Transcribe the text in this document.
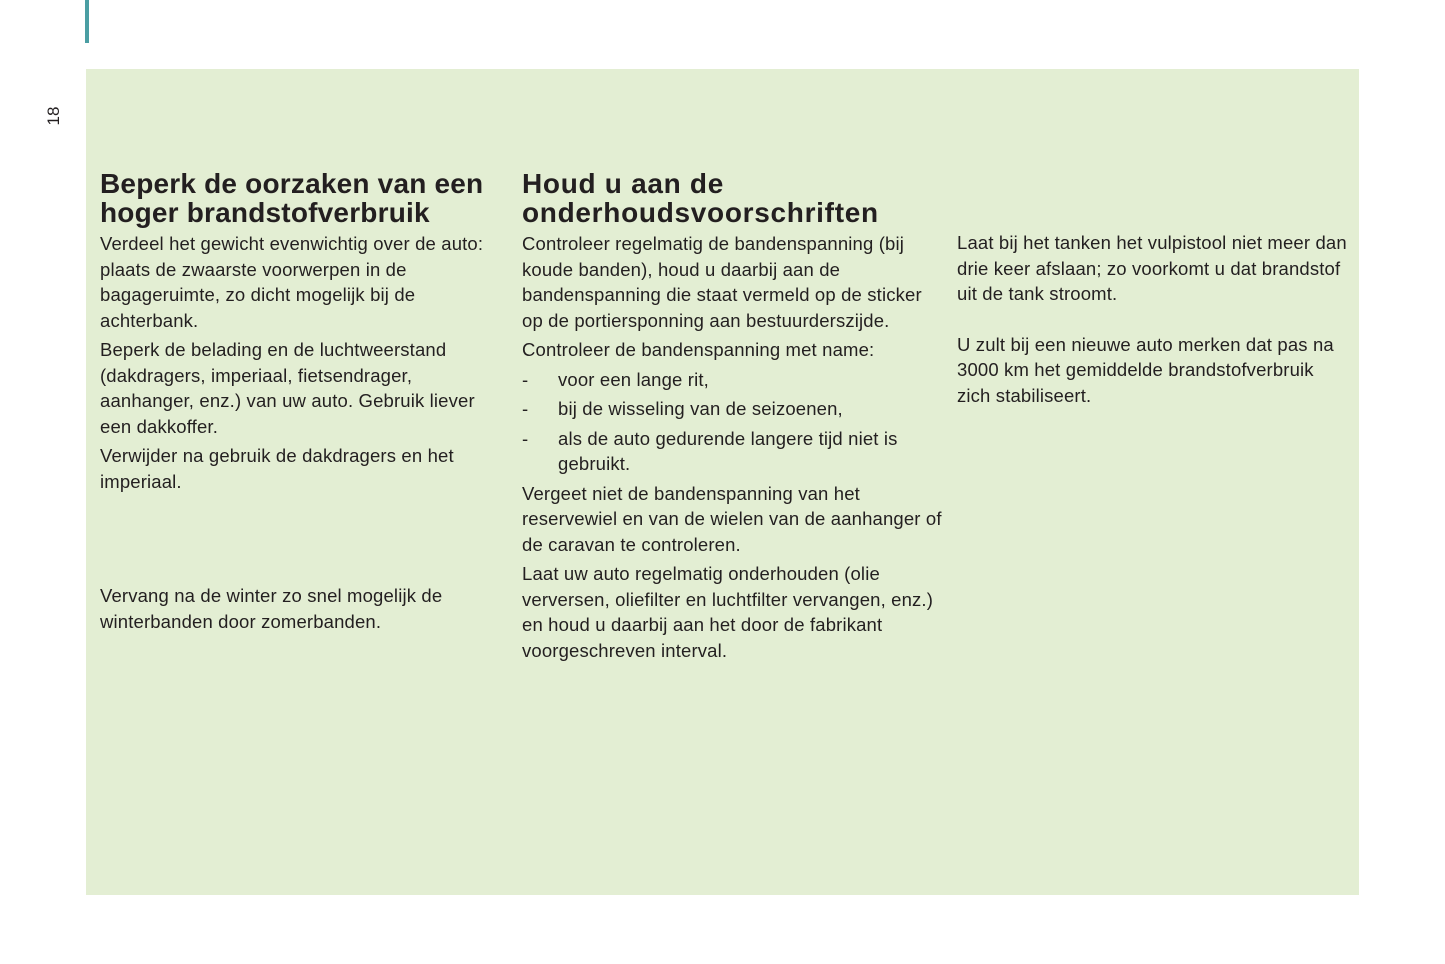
18
Beperk de oorzaken van een hoger brandstofverbruik

Verdeel het gewicht evenwichtig over de auto: plaats de zwaarste voorwerpen in de bagageruimte, zo dicht mogelijk bij de achterbank.

Beperk de belading en de luchtweerstand (dakdragers, imperiaal, fietsendrager, aanhanger, enz.) van uw auto. Gebruik liever een dakkoffer.

Verwijder na gebruik de dakdragers en het imperiaal.

Vervang na de winter zo snel mogelijk de winterbanden door zomerbanden.

Houd u aan de onderhoudsvoorschriften

Controleer regelmatig de bandenspanning (bij koude banden), houd u daarbij aan de bandenspanning die staat vermeld op de sticker op de portiersponning aan bestuurderszijde.

Controleer de bandenspanning met name:

- voor een lange rit,
- bij de wisseling van de seizoenen,
- als de auto gedurende langere tijd niet is gebruikt.

Vergeet niet de bandenspanning van het reservewiel en van de wielen van de aanhanger of de caravan te controleren.

Laat uw auto regelmatig onderhouden (olie verversen, oliefilter en luchtfilter vervangen, enz.) en houd u daarbij aan het door de fabrikant voorgeschreven interval.

Laat bij het tanken het vulpistool niet meer dan drie keer afslaan; zo voorkomt u dat brandstof uit de tank stroomt.

U zult bij een nieuwe auto merken dat pas na 3000 km het gemiddelde brandstofverbruik zich stabiliseert.
